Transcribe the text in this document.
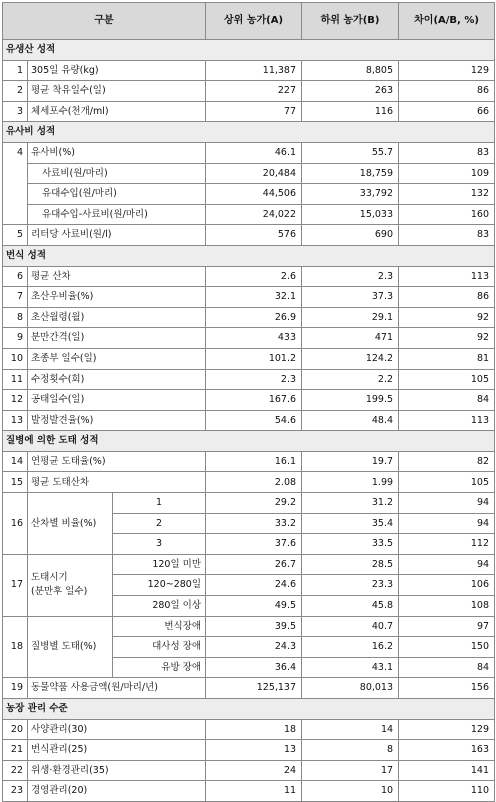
구분			상위 농가(A)	하위 농가(B)	차이(A/B, %)
유생산 성적					
1	305일 유량(kg)		11,387	8,805	129
2	평균 착유일수(일)		227	263	86
3	체세포수(천개/ml)		77	116	66
유사비 성적					
4	유사비(%)		46.1	55.7	83
	사료비(원/마리)		20,484	18,759	109
	유대수입(원/마리)		44,506	33,792	132
	유대수입-사료비(원/마리)		24,022	15,033	160
5	리터당 사료비(원/l)		576	690	83
번식 성적					
6	평균 산차		2.6	2.3	113
7	초산우비율(%)		32.1	37.3	86
8	초산월령(월)		26.9	29.1	92
9	분만간격(일)		433	471	92
10	초종부 일수(일)		101.2	124.2	81
11	수정횟수(회)		2.3	2.2	105
12	공태일수(일)		167.6	199.5	84
13	발정발견율(%)		54.6	48.4	113
질병에 의한 도태 성적					
14	연평균 도태율(%)		16.1	19.7	82
15	평균 도태산차		2.08	1.99	105
16	산차별 비율(%)	1	29.2	31.2	94
		2	33.2	35.4	94
		3	37.6	33.5	112
17	도태시기
(분만후 일수)	120일 미만	26.7	28.5	94
		120~280일	24.6	23.3	106
		280일 이상	49.5	45.8	108
18	질병별 도태(%)	번식장애	39.5	40.7	97
		대사성 장애	24.3	16.2	150
		유방 장애	36.4	43.1	84
19	동물약품 사용금액(원/마리/년)		125,137	80,013	156
농장 관리 수준					
20	사양관리(30)		18	14	129
21	번식관리(25)		13	8	163
22	위생·환경관리(35)		24	17	141
23	경영관리(20)		11	10	110
